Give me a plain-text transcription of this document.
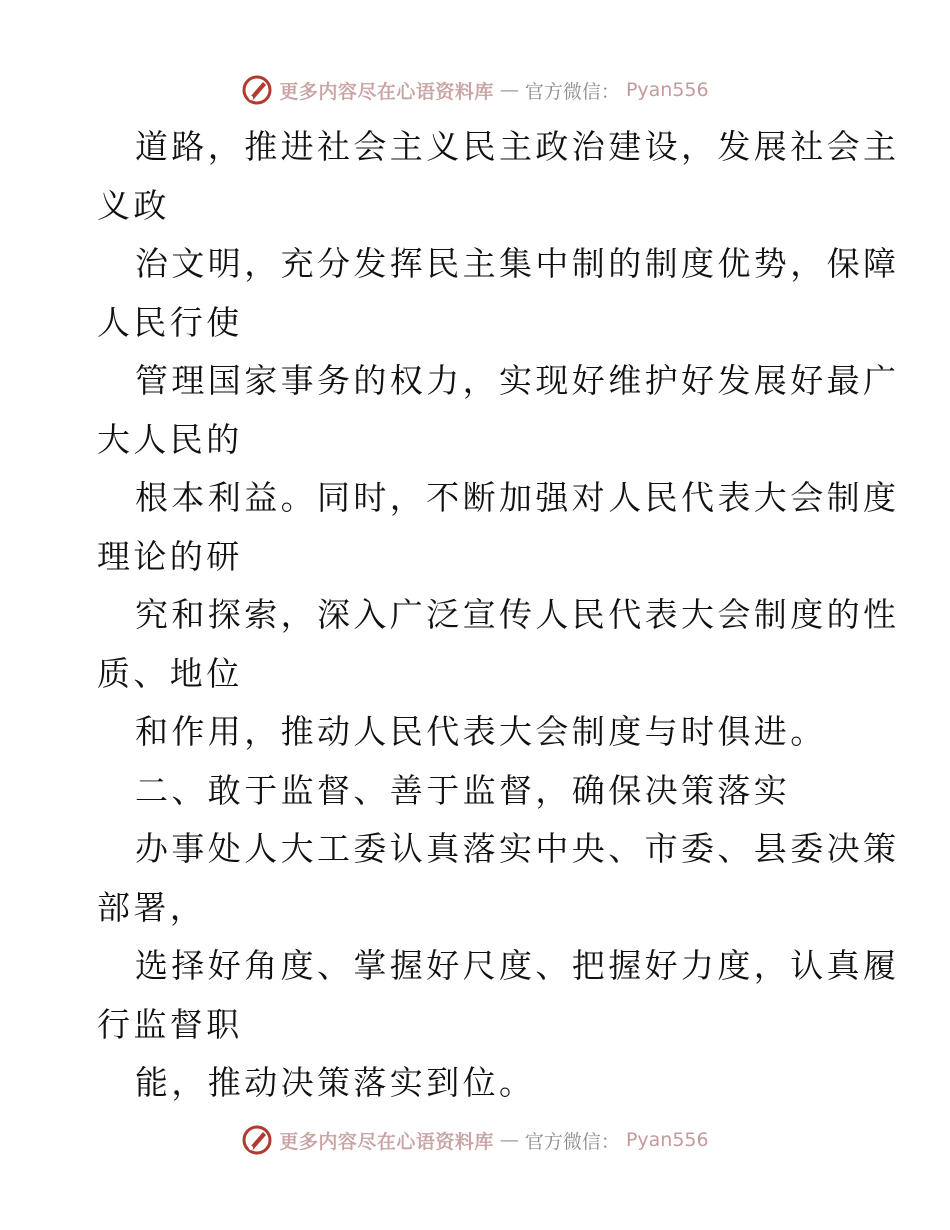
更多内容尽在心语资料库 — 官方微信： Pyan556
道路，推进社会主义民主政治建设，发展社会主
义政
治文明，充分发挥民主集中制的制度优势，保障
人民行使
管理国家事务的权力，实现好维护好发展好最广
大人民的
根本利益。同时，不断加强对人民代表大会制度
理论的研
究和探索，深入广泛宣传人民代表大会制度的性
质、地位
和作用，推动人民代表大会制度与时俱进。
二、敢于监督、善于监督，确保决策落实
办事处人大工委认真落实中央、市委、县委决策
部署，
选择好角度、掌握好尺度、把握好力度，认真履
行监督职
能，推动决策落实到位。
更多内容尽在心语资料库 — 官方微信： Pyan556
